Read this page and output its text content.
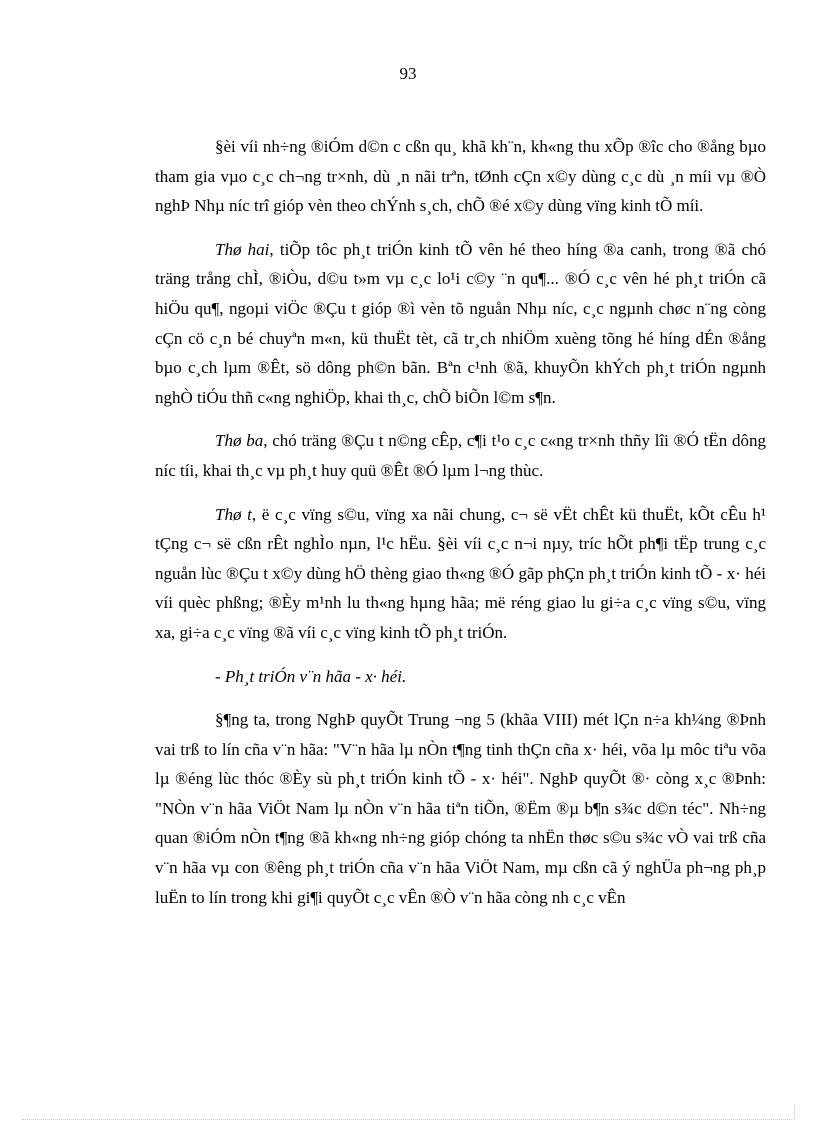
93

§èi víi nh÷ng ®iÓm d©n c cßn qu¸ khã kh¨n, kh«ng thu xÕp ®îc cho ®ång bµo tham gia vµo c¸c ch¬ng tr×nh, dù ¸n nãi trªn, tØnh cÇn x©y dùng c¸c dù ¸n míi vµ ®Ò nghÞ Nhµ níc trî gióp vèn theo chÝnh s¸ch, chÕ ®é x©y dùng vïng kinh tÕ míi.

Thø hai, tiÕp tôc ph¸t triÓn kinh tÕ vên hé theo híng ®a canh, trong ®ã chó träng trång chÌ, ®iÒu, d©u t»m vµ c¸c lo¹i c©y ¨n qu¶... ®Ó c¸c vên hé ph¸t triÓn cã hiÖu qu¶, ngoµi viÖc ®Çu t gióp ®ì vèn tõ nguån Nhµ níc, c¸c ngµnh chøc n¨ng còng cÇn cö c¸n bé chuyªn m«n, kü thuËt tèt, cã tr¸ch nhiÖm xuèng tõng hé híng dÉn ®ång bµo c¸ch lµm ®Êt, sö dông ph©n bãn. Bªn c¹nh ®ã, khuyÕn khÝch ph¸t triÓn ngµnh nghÒ tiÓu thñ c«ng nghiÖp, khai th¸c, chÕ biÕn l©m s¶n.

Thø ba, chó träng ®Çu t n©ng cÊp, c¶i t¹o c¸c c«ng tr×nh thñy lîi ®Ó tËn dông níc tíi, khai th¸c vµ ph¸t huy quü ®Êt ®Ó lµm l¬ng thùc.

Thø t, ë c¸c vïng s©u, vïng xa nãi chung, c¬ së vËt chÊt kü thuËt, kÕt cÊu h¹ tÇng c¬ së cßn rÊt nghÌo nµn, l¹c hËu. §èi víi c¸c n¬i nµy, tríc hÕt ph¶i tËp trung c¸c nguån lùc ®Çu t x©y dùng hÖ thèng giao th«ng ®Ó gãp phÇn ph¸t triÓn kinh tÕ - x· héi víi quèc phßng; ®Èy m¹nh lu th«ng hµng hãa; më réng giao lu gi÷a c¸c vïng s©u, vïng xa, gi÷a c¸c vïng ®ã víi c¸c vïng kinh tÕ ph¸t triÓn.

- Ph¸t triÓn v¨n hãa - x· héi.

§¶ng ta, trong NghÞ quyÕt Trung ¬ng 5 (khãa VIII) mét lÇn n÷a kh¼ng ®Þnh vai trß to lín cña v¨n hãa: "V¨n hãa lµ nÒn t¶ng tinh thÇn cña x· héi, võa lµ môc tiªu võa lµ ®éng lùc thóc ®Èy sù ph¸t triÓn kinh tÕ - x· héi". NghÞ quyÕt ®· còng x¸c ®Þnh: "NÒn v¨n hãa ViÖt Nam lµ nÒn v¨n hãa tiªn tiÕn, ®Ëm ®µ b¶n s¾c d©n téc". Nh÷ng quan ®iÓm nÒn t¶ng ®ã kh«ng nh÷ng gióp chóng ta nhËn thøc s©u s¾c vÒ vai trß cña v¨n hãa vµ con ®êng ph¸t triÓn cña v¨n hãa ViÖt Nam, mµ cßn cã ý nghÜa ph¬ng ph¸p luËn to lín trong khi gi¶i quyÕt c¸c vÊn ®Ò v¨n hãa còng nh c¸c vÊn
